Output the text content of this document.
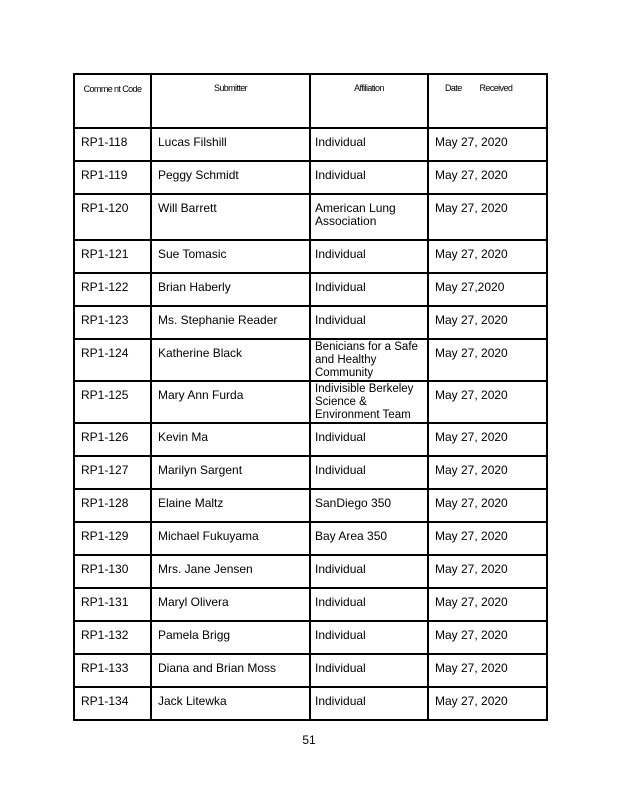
Comme nt Code	Submitter	Affiliation	Date Received

RP1-118	Lucas Filshill	Individual	May 27, 2020

RP1-119	Peggy Schmidt	Individual	May 27, 2020

RP1-120	Will Barrett	American Lung Association	May 27, 2020

RP1-121	Sue Tomasic	Individual	May 27, 2020

RP1-122	Brian Haberly	Individual	May 27,2020

RP1-123	Ms. Stephanie Reader	Individual	May 27, 2020

RP1-124	Katherine Black	Benicians for a Safe and Healthy Community	May 27, 2020

RP1-125	Mary Ann Furda	Indivisible Berkeley Science & Environment Team	May 27, 2020

RP1-126	Kevin Ma	Individual	May 27, 2020

RP1-127	Marilyn Sargent	Individual	May 27, 2020

RP1-128	Elaine Maltz	SanDiego 350	May 27, 2020

RP1-129	Michael Fukuyama	Bay Area 350	May 27, 2020

RP1-130	Mrs. Jane Jensen	Individual	May 27, 2020

RP1-131	Maryl Olivera	Individual	May 27, 2020

RP1-132	Pamela Brigg	Individual	May 27, 2020

RP1-133	Diana and Brian Moss	Individual	May 27, 2020

RP1-134	Jack Litewka	Individual	May 27, 2020
51
